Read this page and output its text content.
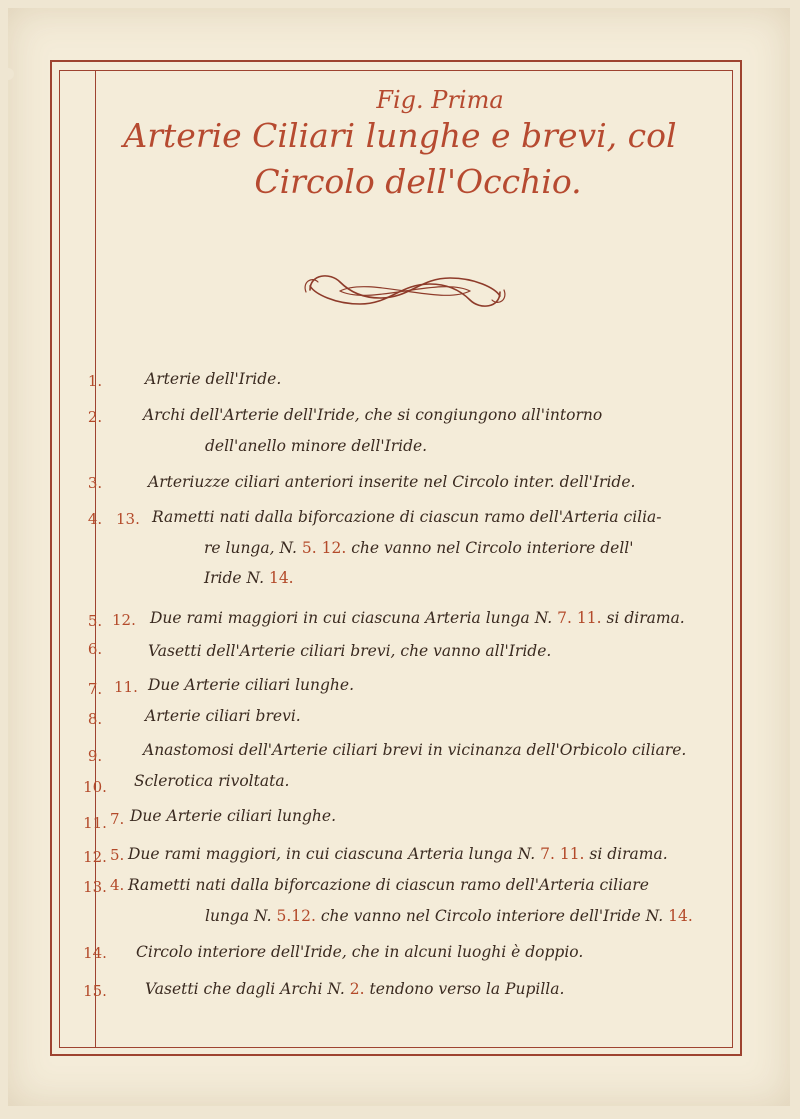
Fig. Prima
Arterie Ciliari lunghe e brevi, col
Circolo dell'Occhio.
1.	Arterie dell'Iride.
2.	Archi dell'Arterie dell'Iride, che si congiungono all'intorno
dell'anello minore dell'Iride.
3.	Arteriuzze ciliari anteriori inserite nel Circolo inter. dell'Iride.
4. 13. Rametti nati dalla biforcazione di ciascun ramo dell'Arteria cilia-
re lunga, N. 5. 12. che vanno nel Circolo interiore dell'
Iride N. 14.
5. 12. Due rami maggiori in cui ciascuna Arteria lunga N. 7. 11. si dirama.
6.	Vasetti dell'Arterie ciliari brevi, che vanno all'Iride.
7. 11. Due Arterie ciliari lunghe.
8.	Arterie ciliari brevi.
9.	Anastomosi dell'Arterie ciliari brevi in vicinanza dell'Orbicolo ciliare.
10.	Sclerotica rivoltata.
11. 7. Due Arterie ciliari lunghe.
12. 5. Due rami maggiori, in cui ciascuna Arteria lunga N. 7. 11. si dirama.
13. 4. Rametti nati dalla biforcazione di ciascun ramo dell'Arteria ciliare
lunga N. 5.12. che vanno nel Circolo interiore dell'Iride N. 14.
14.	Circolo interiore dell'Iride, che in alcuni luoghi è doppio.
15.	Vasetti che dagli Archi N. 2. tendono verso la Pupilla.
